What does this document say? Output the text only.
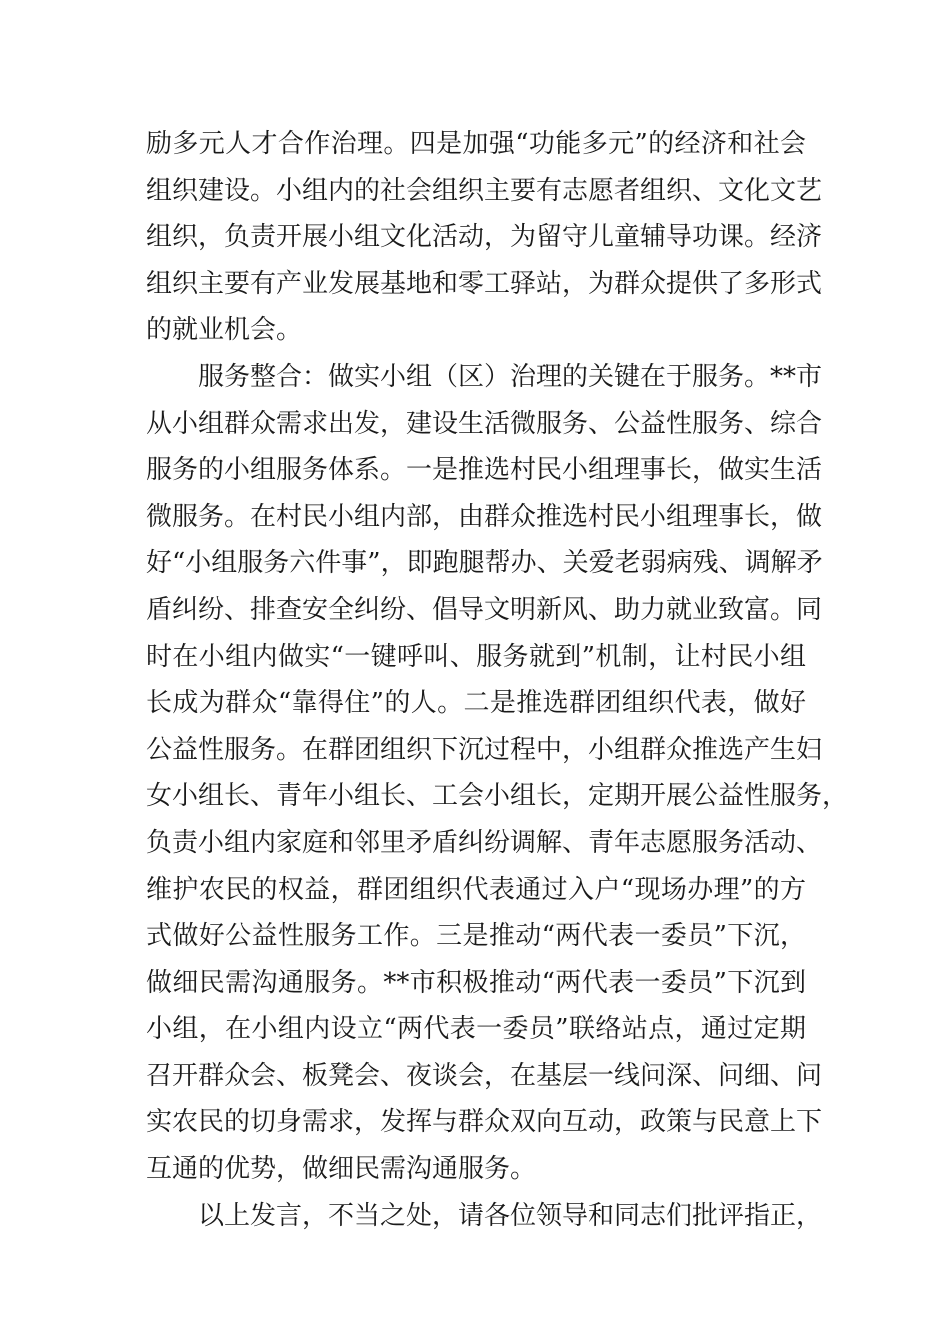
励多元人才合作治理。四是加强“功能多元”的经济和社会

组织建设。小组内的社会组织主要有志愿者组织、文化文艺

组织，负责开展小组文化活动，为留守儿童辅导功课。经济

组织主要有产业发展基地和零工驿站，为群众提供了多形式

的就业机会。

服务整合：做实小组（区）治理的关键在于服务。**市

从小组群众需求出发，建设生活微服务、公益性服务、综合

服务的小组服务体系。一是推选村民小组理事长，做实生活

微服务。在村民小组内部，由群众推选村民小组理事长，做

好“小组服务六件事”，即跑腿帮办、关爱老弱病残、调解矛

盾纠纷、排查安全纠纷、倡导文明新风、助力就业致富。同

时在小组内做实“一键呼叫、服务就到”机制，让村民小组

长成为群众“靠得住”的人。二是推选群团组织代表，做好

公益性服务。在群团组织下沉过程中，小组群众推选产生妇

女小组长、青年小组长、工会小组长，定期开展公益性服务，

负责小组内家庭和邻里矛盾纠纷调解、青年志愿服务活动、

维护农民的权益，群团组织代表通过入户“现场办理”的方

式做好公益性服务工作。三是推动“两代表一委员”下沉，

做细民需沟通服务。**市积极推动“两代表一委员”下沉到

小组，在小组内设立“两代表一委员”联络站点，通过定期

召开群众会、板凳会、夜谈会，在基层一线问深、问细、问

实农民的切身需求，发挥与群众双向互动，政策与民意上下

互通的优势，做细民需沟通服务。

以上发言，不当之处，请各位领导和同志们批评指正，
